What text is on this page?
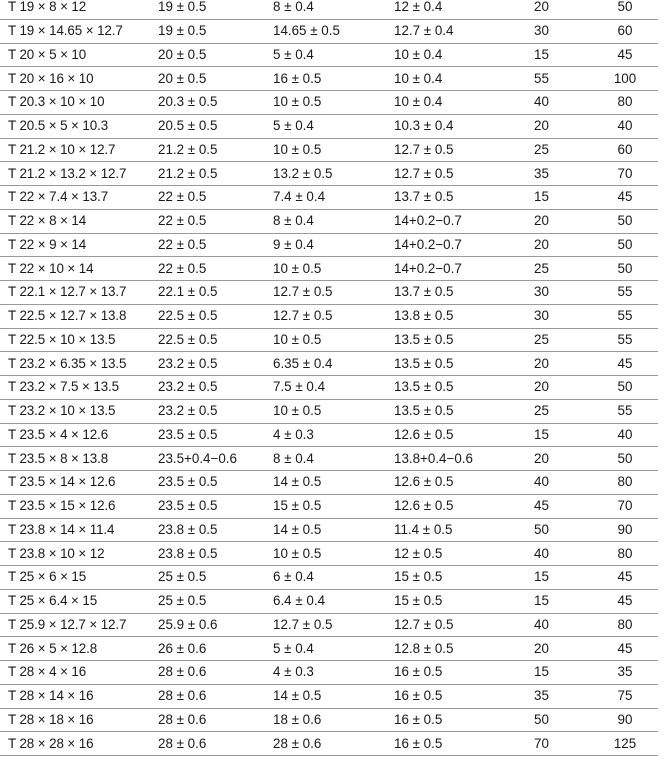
T 19 × 8 × 12	19 ± 0.5	8 ± 0.4	12 ± 0.4	20	50
T 19 × 14.65 × 12.7	19 ± 0.5	14.65 ± 0.5	12.7 ± 0.4	30	60
T 20 × 5 × 10	20 ± 0.5	5 ± 0.4	10 ± 0.4	15	45
T 20 × 16 × 10	20 ± 0.5	16 ± 0.5	10 ± 0.4	55	100
T 20.3 × 10 × 10	20.3 ± 0.5	10 ± 0.5	10 ± 0.4	40	80
T 20.5 × 5 × 10.3	20.5 ± 0.5	5 ± 0.4	10.3 ± 0.4	20	40
T 21.2 × 10 × 12.7	21.2 ± 0.5	10 ± 0.5	12.7 ± 0.5	25	60
T 21.2 × 13.2 × 12.7	21.2 ± 0.5	13.2 ± 0.5	12.7 ± 0.5	35	70
T 22 × 7.4 × 13.7	22 ± 0.5	7.4 ± 0.4	13.7 ± 0.5	15	45
T 22 × 8 × 14	22 ± 0.5	8 ± 0.4	14+0.2−0.7	20	50
T 22 × 9 × 14	22 ± 0.5	9 ± 0.4	14+0.2−0.7	20	50
T 22 × 10 × 14	22 ± 0.5	10 ± 0.5	14+0.2−0.7	25	50
T 22.1 × 12.7 × 13.7	22.1 ± 0.5	12.7 ± 0.5	13.7 ± 0.5	30	55
T 22.5 × 12.7 × 13.8	22.5 ± 0.5	12.7 ± 0.5	13.8 ± 0.5	30	55
T 22.5 × 10 × 13.5	22.5 ± 0.5	10 ± 0.5	13.5 ± 0.5	25	55
T 23.2 × 6.35 × 13.5	23.2 ± 0.5	6.35 ± 0.4	13.5 ± 0.5	20	45
T 23.2 × 7.5 × 13.5	23.2 ± 0.5	7.5 ± 0.4	13.5 ± 0.5	20	50
T 23.2 × 10 × 13.5	23.2 ± 0.5	10 ± 0.5	13.5 ± 0.5	25	55
T 23.5 × 4 × 12.6	23.5 ± 0.5	4 ± 0.3	12.6 ± 0.5	15	40
T 23.5 × 8 × 13.8	23.5+0.4−0.6	8 ± 0.4	13.8+0.4−0.6	20	50
T 23.5 × 14 × 12.6	23.5 ± 0.5	14 ± 0.5	12.6 ± 0.5	40	80
T 23.5 × 15 × 12.6	23.5 ± 0.5	15 ± 0.5	12.6 ± 0.5	45	70
T 23.8 × 14 × 11.4	23.8 ± 0.5	14 ± 0.5	11.4 ± 0.5	50	90
T 23.8 × 10 × 12	23.8 ± 0.5	10 ± 0.5	12 ± 0.5	40	80
T 25 × 6 × 15	25 ± 0.5	6 ± 0.4	15 ± 0.5	15	45
T 25 × 6.4 × 15	25 ± 0.5	6.4 ± 0.4	15 ± 0.5	15	45
T 25.9 × 12.7 × 12.7	25.9 ± 0.6	12.7 ± 0.5	12.7 ± 0.5	40	80
T 26 × 5 × 12.8	26 ± 0.6	5 ± 0.4	12.8 ± 0.5	20	45
T 28 × 4 × 16	28 ± 0.6	4 ± 0.3	16 ± 0.5	15	35
T 28 × 14 × 16	28 ± 0.6	14 ± 0.5	16 ± 0.5	35	75
T 28 × 18 × 16	28 ± 0.6	18 ± 0.6	16 ± 0.5	50	90
T 28 × 28 × 16	28 ± 0.6	28 ± 0.6	16 ± 0.5	70	125
